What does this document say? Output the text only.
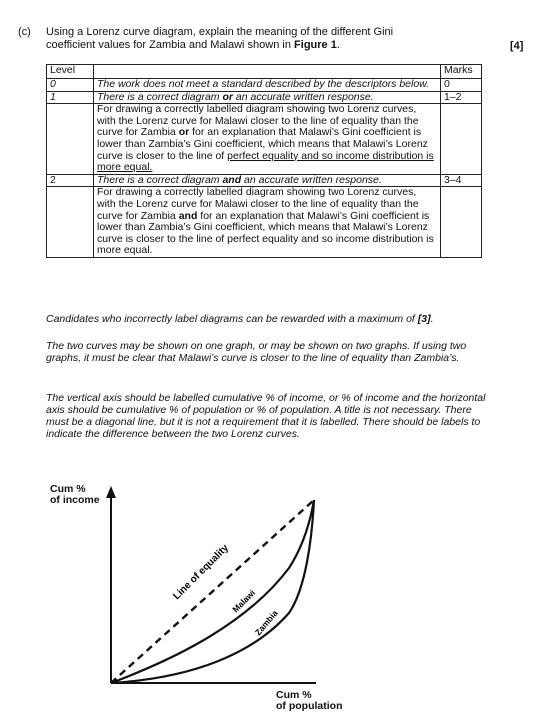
(c) Using a Lorenz curve diagram, explain the meaning of the different Gini coefficient values for Zambia and Malawi shown in Figure 1.	[4]
Level		Marks
0	The work does not meet a standard described by the descriptors below.	0
1	There is a correct diagram or an accurate written response.	1–2
	For drawing a correctly labelled diagram showing two Lorenz curves, with the Lorenz curve for Malawi closer to the line of equality than the curve for Zambia or for an explanation that Malawi’s Gini coefficient is lower than Zambia’s Gini coefficient, which means that Malawi’s Lorenz curve is closer to the line of perfect equality and so income distribution is more equal.	
2	There is a correct diagram and an accurate written response.	3–4
	For drawing a correctly labelled diagram showing two Lorenz curves, with the Lorenz curve for Malawi closer to the line of equality than the curve for Zambia and for an explanation that Malawi’s Gini coefficient is lower than Zambia’s Gini coefficient, which means that Malawi’s Lorenz curve is closer to the line of perfect equality and so income distribution is more equal.	
Candidates who incorrectly label diagrams can be rewarded with a maximum of [3].
The two curves may be shown on one graph, or may be shown on two graphs. If using two graphs, it must be clear that Malawi’s curve is closer to the line of equality than Zambia’s.
The vertical axis should be labelled cumulative % of income, or % of income and the horizontal axis should be cumulative % of population or % of population. A title is not necessary. There must be a diagonal line, but it is not a requirement that it is labelled. There should be labels to indicate the difference between the two Lorenz curves.
Line of equality Malawi
Zambia
Cum %
of income
Cum %
of population
